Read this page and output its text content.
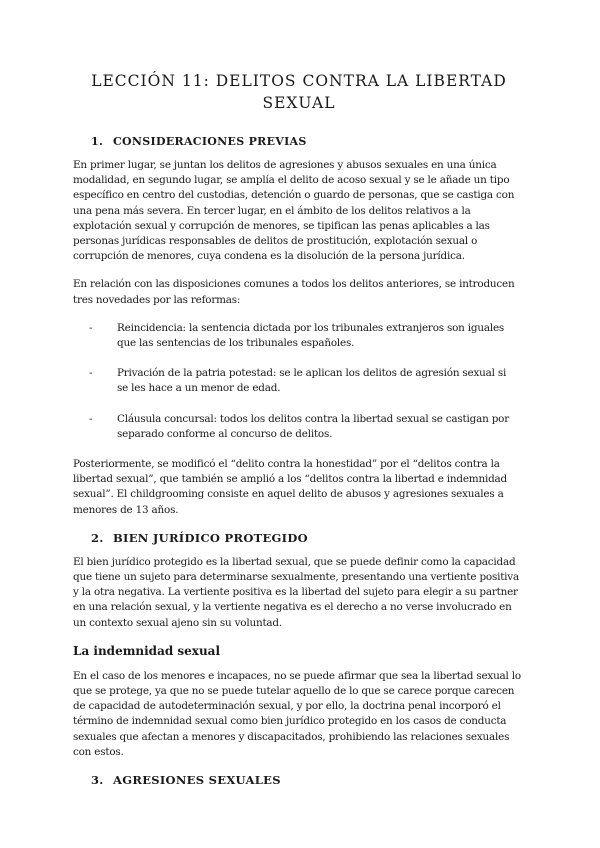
LECCIÓN 11: DELITOS CONTRA LA LIBERTAD SEXUAL
1. CONSIDERACIONES PREVIAS

En primer lugar, se juntan los delitos de agresiones y abusos sexuales en una única modalidad, en segundo lugar, se amplía el delito de acoso sexual y se le añade un tipo específico en centro del custodias, detención o guardo de personas, que se castiga con una pena más severa. En tercer lugar, en el ámbito de los delitos relativos a la explotación sexual y corrupción de menores, se tipifican las penas aplicables a las personas jurídicas responsables de delitos de prostitución, explotación sexual o corrupción de menores, cuya condena es la disolución de la persona jurídica.

En relación con las disposiciones comunes a todos los delitos anteriores, se introducen tres novedades por las reformas:

-	Reincidencia: la sentencia dictada por los tribunales extranjeros son iguales que las sentencias de los tribunales españoles.
-	Privación de la patria potestad: se le aplican los delitos de agresión sexual si se les hace a un menor de edad.
-	Cláusula concursal: todos los delitos contra la libertad sexual se castigan por separado conforme al concurso de delitos.

Posteriormente, se modificó el “delito contra la honestidad” por el “delitos contra la libertad sexual”, que también se amplió a los “delitos contra la libertad e indemnidad sexual”. El childgrooming consiste en aquel delito de abusos y agresiones sexuales a menores de 13 años.

2. BIEN JURÍDICO PROTEGIDO

El bien jurídico protegido es la libertad sexual, que se puede definir como la capacidad que tiene un sujeto para determinarse sexualmente, presentando una vertiente positiva y la otra negativa. La vertiente positiva es la libertad del sujeto para elegir a su partner en una relación sexual, y la vertiente negativa es el derecho a no verse involucrado en un contexto sexual ajeno sin su voluntad.

La indemnidad sexual

En el caso de los menores e incapaces, no se puede afirmar que sea la libertad sexual lo que se protege, ya que no se puede tutelar aquello de lo que se carece porque carecen de capacidad de autodeterminación sexual, y por ello, la doctrina penal incorporó el término de indemnidad sexual como bien jurídico protegido en los casos de conducta sexuales que afectan a menores y discapacitados, prohibiendo las relaciones sexuales con estos.

3. AGRESIONES SEXUALES
